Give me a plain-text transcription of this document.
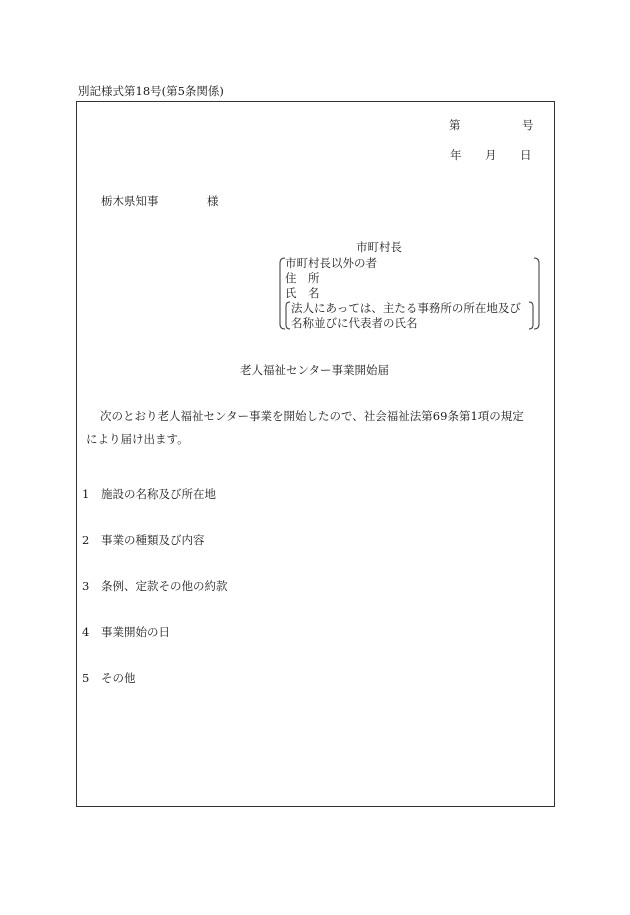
別記様式第18号(第5条関係)
第	号
年 月 日
栃木県知事	様
市町村長
市町村長以外の者
住　所
氏　名
法人にあっては、主たる事務所の所在地及び
名称並びに代表者の氏名
老人福祉センター事業開始届
次のとおり老人福祉センター事業を開始したので、社会福祉法第69条第1項の規定
により届け出ます。
1 施設の名称及び所在地
2 事業の種類及び内容
3 条例、定款その他の約款
4 事業開始の日
5 その他
